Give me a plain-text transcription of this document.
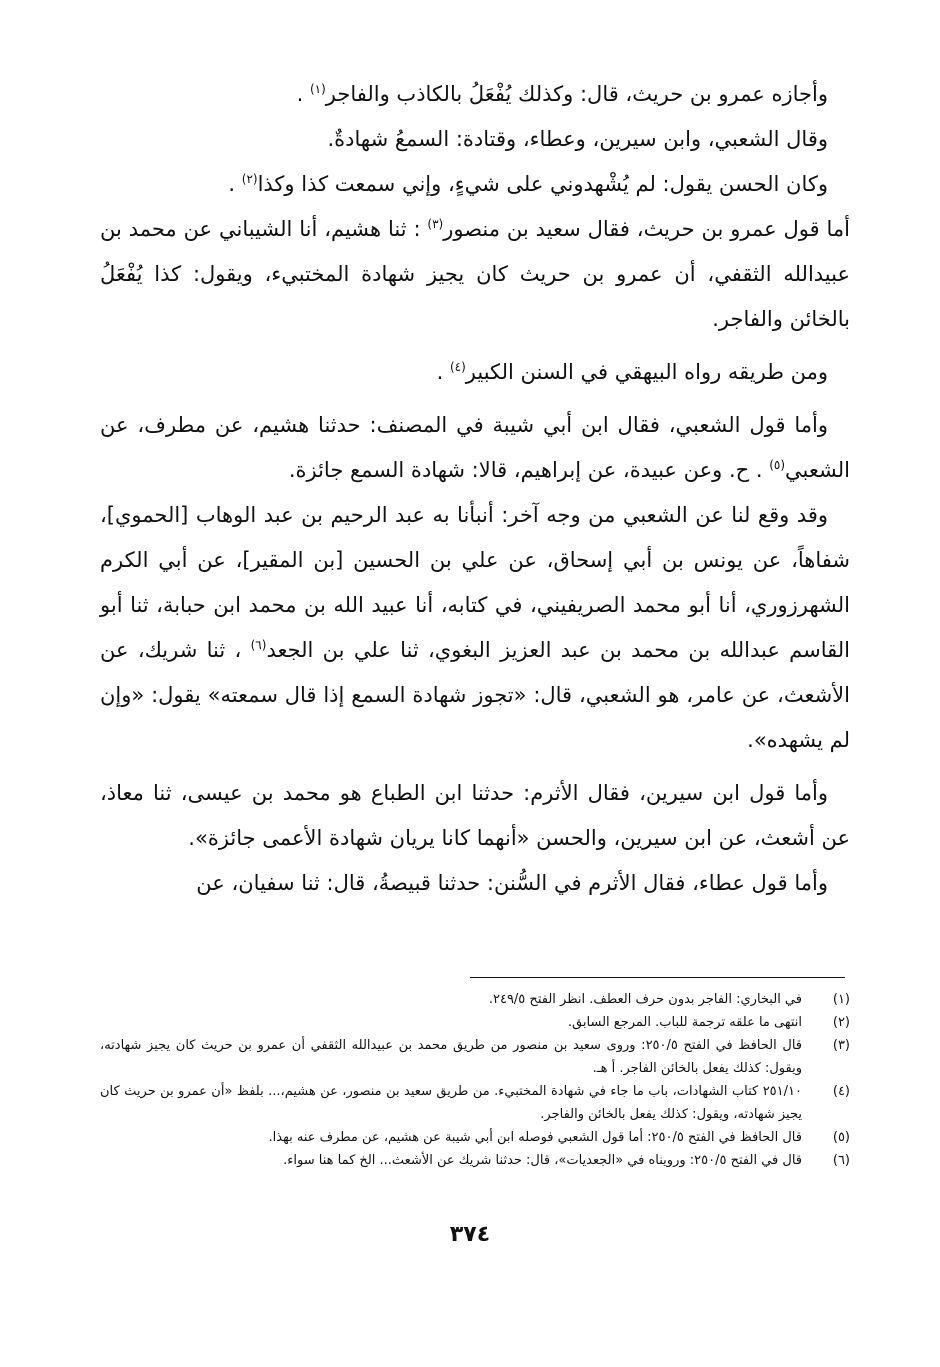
وأجازه عمرو بن حريث، قال: وكذلك يُفْعَلُ بالكاذب والفاجر$^{(١)}$ .

وقال الشعبي، وابن سيرين، وعطاء، وقتادة: السمعُ شهادةٌ.

وكان الحسن يقول: لم يُشْهدوني على شيءٍ، وإني سمعت كذا وكذا$^{(٢)}$ .

أما قول عمرو بن حريث، فقال سعيد بن منصور$^{(٣)}$ : ثنا هشيم، أنا الشيباني عن محمد بن عبيدالله الثقفي، أن عمرو بن حريث كان يجيز شهادة المختبيء، ويقول: كذا يُفْعَلُ بالخائن والفاجر.

ومن طريقه رواه البيهقي في السنن الكبير$^{(٤)}$ .

وأما قول الشعبي، فقال ابن أبي شيبة في المصنف: حدثنا هشيم، عن مطرف، عن الشعبي$^{(٥)}$ . ح. وعن عبيدة، عن إبراهيم، قالا: شهادة السمع جائزة.

وقد وقع لنا عن الشعبي من وجه آخر: أنبأنا به عبد الرحيم بن عبد الوهاب [الحموي]، شفاهاً، عن يونس بن أبي إسحاق، عن علي بن الحسين [بن المقير]، عن أبي الكرم الشهرزوري، أنا أبو محمد الصريفيني، في كتابه، أنا عبيد الله بن محمد ابن حبابة، ثنا أبو القاسم عبدالله بن محمد بن عبد العزيز البغوي، ثنا علي بن الجعد$^{(٦)}$ ، ثنا شريك، عن الأشعث، عن عامر، هو الشعبي، قال: «تجوز شهادة السمع إذا قال سمعته» يقول: «وإن لم يشهده».

وأما قول ابن سيرين، فقال الأثرم: حدثنا ابن الطباع هو محمد بن عيسى، ثنا معاذ، عن أشعث، عن ابن سيرين، والحسن «أنهما كانا يريان شهادة الأعمى جائزة».

وأما قول عطاء، فقال الأثرم في السُّنن: حدثنا قبيصةُ، قال: ثنا سفيان، عن

(١)
في البخاري: الفاجر بدون حرف العطف. انظر الفتح ٢٤٩/٥.
(٢)
انتهى ما علقه ترجمة للباب. المرجع السابق.
(٣)
قال الحافظ في الفتح ٢٥٠/٥: وروى سعيد بن منصور من طريق محمد بن عبيدالله الثقفي أن عمرو بن حريث كان يجيز شهادته، ويقول: كذلك يفعل بالخائن الفاجر. أ هـ.
(٤)
٢٥١/١٠ كتاب الشهادات، باب ما جاء في شهادة المختبيء. من طريق سعيد بن منصور، عن هشيم،... بلفظ «أن عمرو بن حريث كان يجيز شهادته، ويقول: كذلك يفعل بالخائن والفاجر.
(٥)
قال الحافظ في الفتح ٢٥٠/٥: أما قول الشعبي فوصله ابن أبي شيبة عن هشيم، عن مطرف عنه بهذا.
(٦)
قال في الفتح ٢٥٠/٥: ورويناه في «الجعديات»، قال: حدثنا شريك عن الأشعث... الخ كما هنا سواء.
٣٧٤
